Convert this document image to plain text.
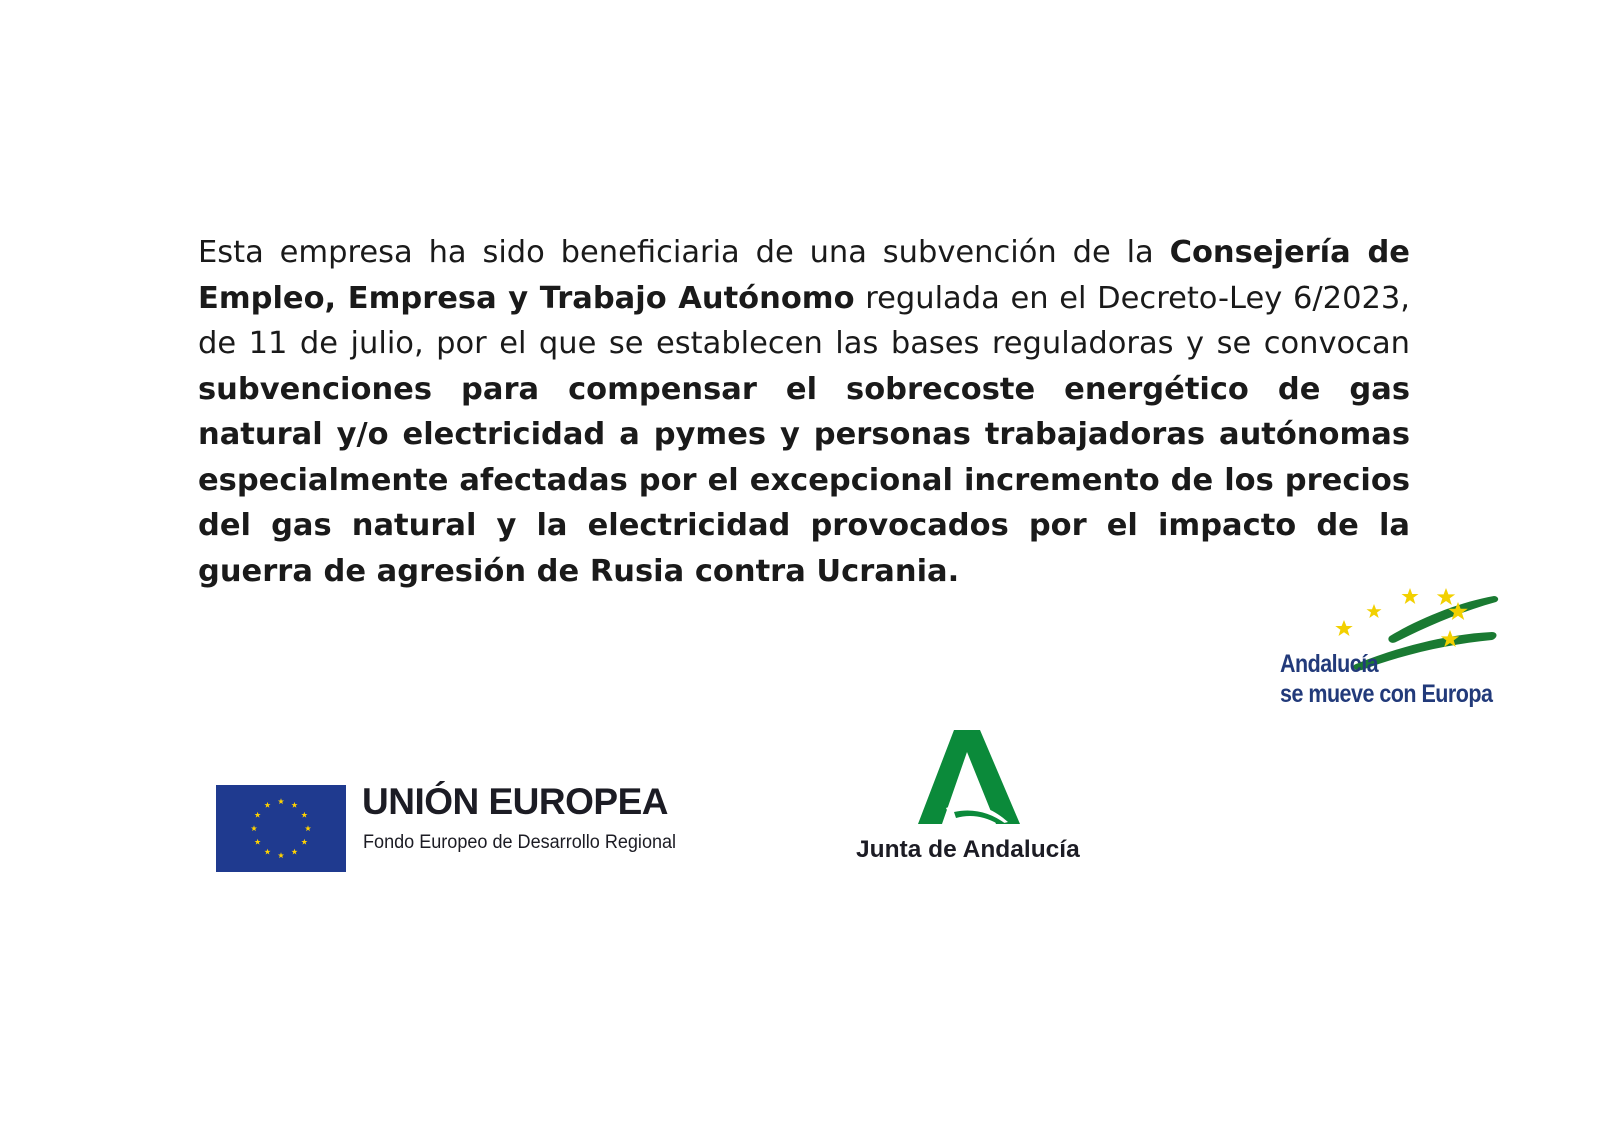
Esta empresa ha sido beneficiaria de una subvención de la Consejería de Empleo, Empresa y Trabajo Autónomo regulada en el Decreto-Ley 6/2023, de 11 de julio, por el que se establecen las bases reguladoras y se convocan subvenciones para compensar el sobrecoste energético de gas natural y/o electricidad a pymes y personas trabajadoras autónomas especialmente afectadas por el excepcional incremento de los precios del gas natural y la electricidad provocados por el impacto de la guerra de agresión de Rusia contra Ucrania.

Andalucía
se mueve con Europa
UNIÓN EUROPEA
Fondo Europeo de Desarrollo Regional	Junta de Andalucía
